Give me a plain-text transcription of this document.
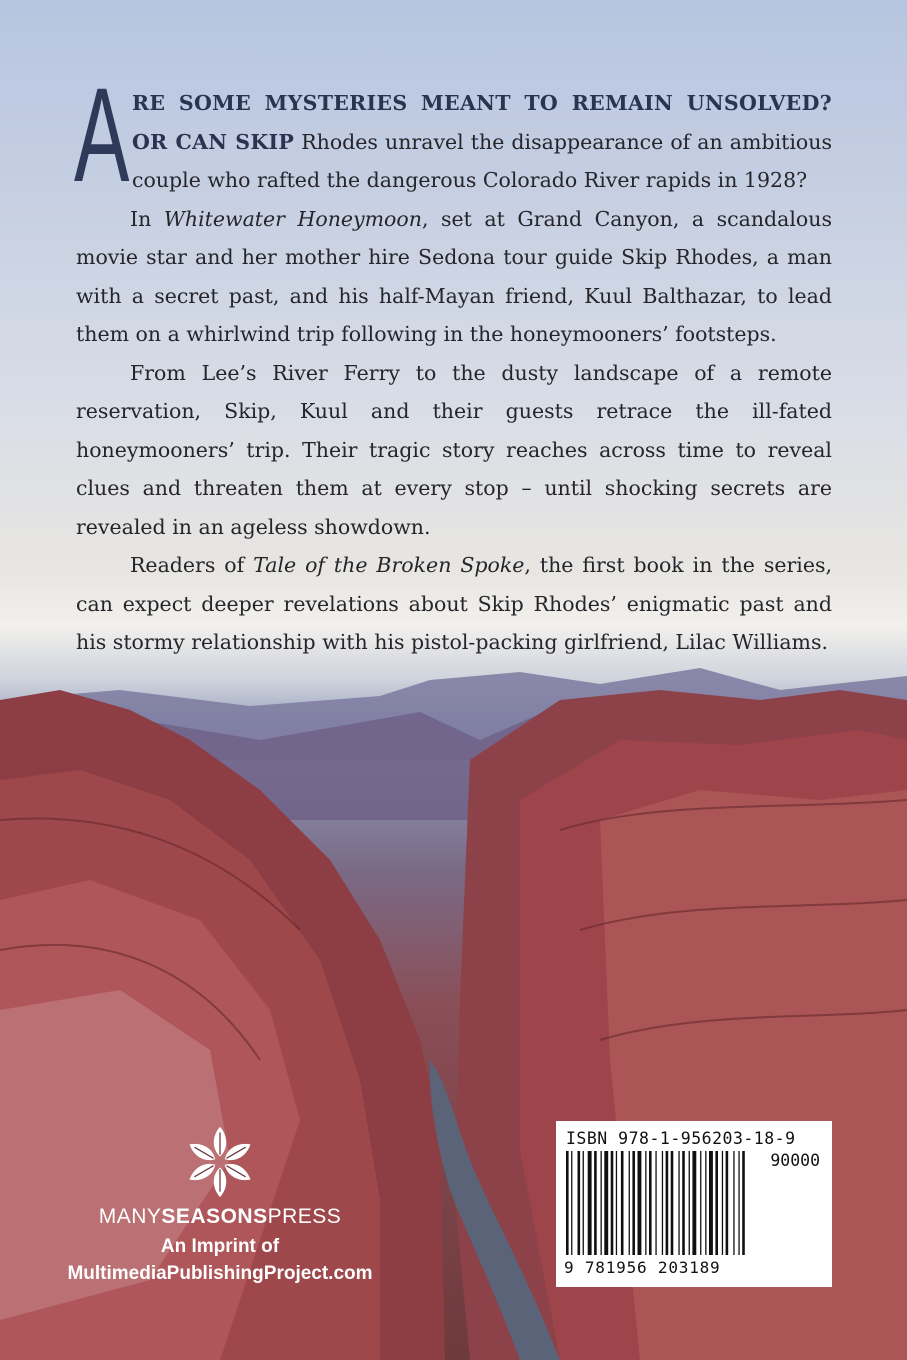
ARE SOME MYSTERIES MEANT TO REMAIN UNSOLVED? OR CAN SKIP Rhodes unravel the disappearance of an ambitious couple who rafted the dangerous Colorado River rapids in 1928?

In Whitewater Honeymoon, set at Grand Canyon, a scandalous movie star and her mother hire Sedona tour guide Skip Rhodes, a man with a secret past, and his half-Mayan friend, Kuul Balthazar, to lead them on a whirlwind trip following in the honeymooners’ footsteps.

From Lee’s River Ferry to the dusty landscape of a remote reservation, Skip, Kuul and their guests retrace the ill-fated honeymooners’ trip. Their tragic story reaches across time to reveal clues and threaten them at every stop – until shocking secrets are revealed in an ageless showdown.

Readers of Tale of the Broken Spoke, the first book in the series, can expect deeper revelations about Skip Rhodes’ enigmatic past and his stormy relationship with his pistol-packing girlfriend, Lilac Williams.

MANYSEASONSPRESS
An Imprint of
MultimediaPublishingProject.com
ISBN 978-1-956203-18-9
90000
9 781956 203189
